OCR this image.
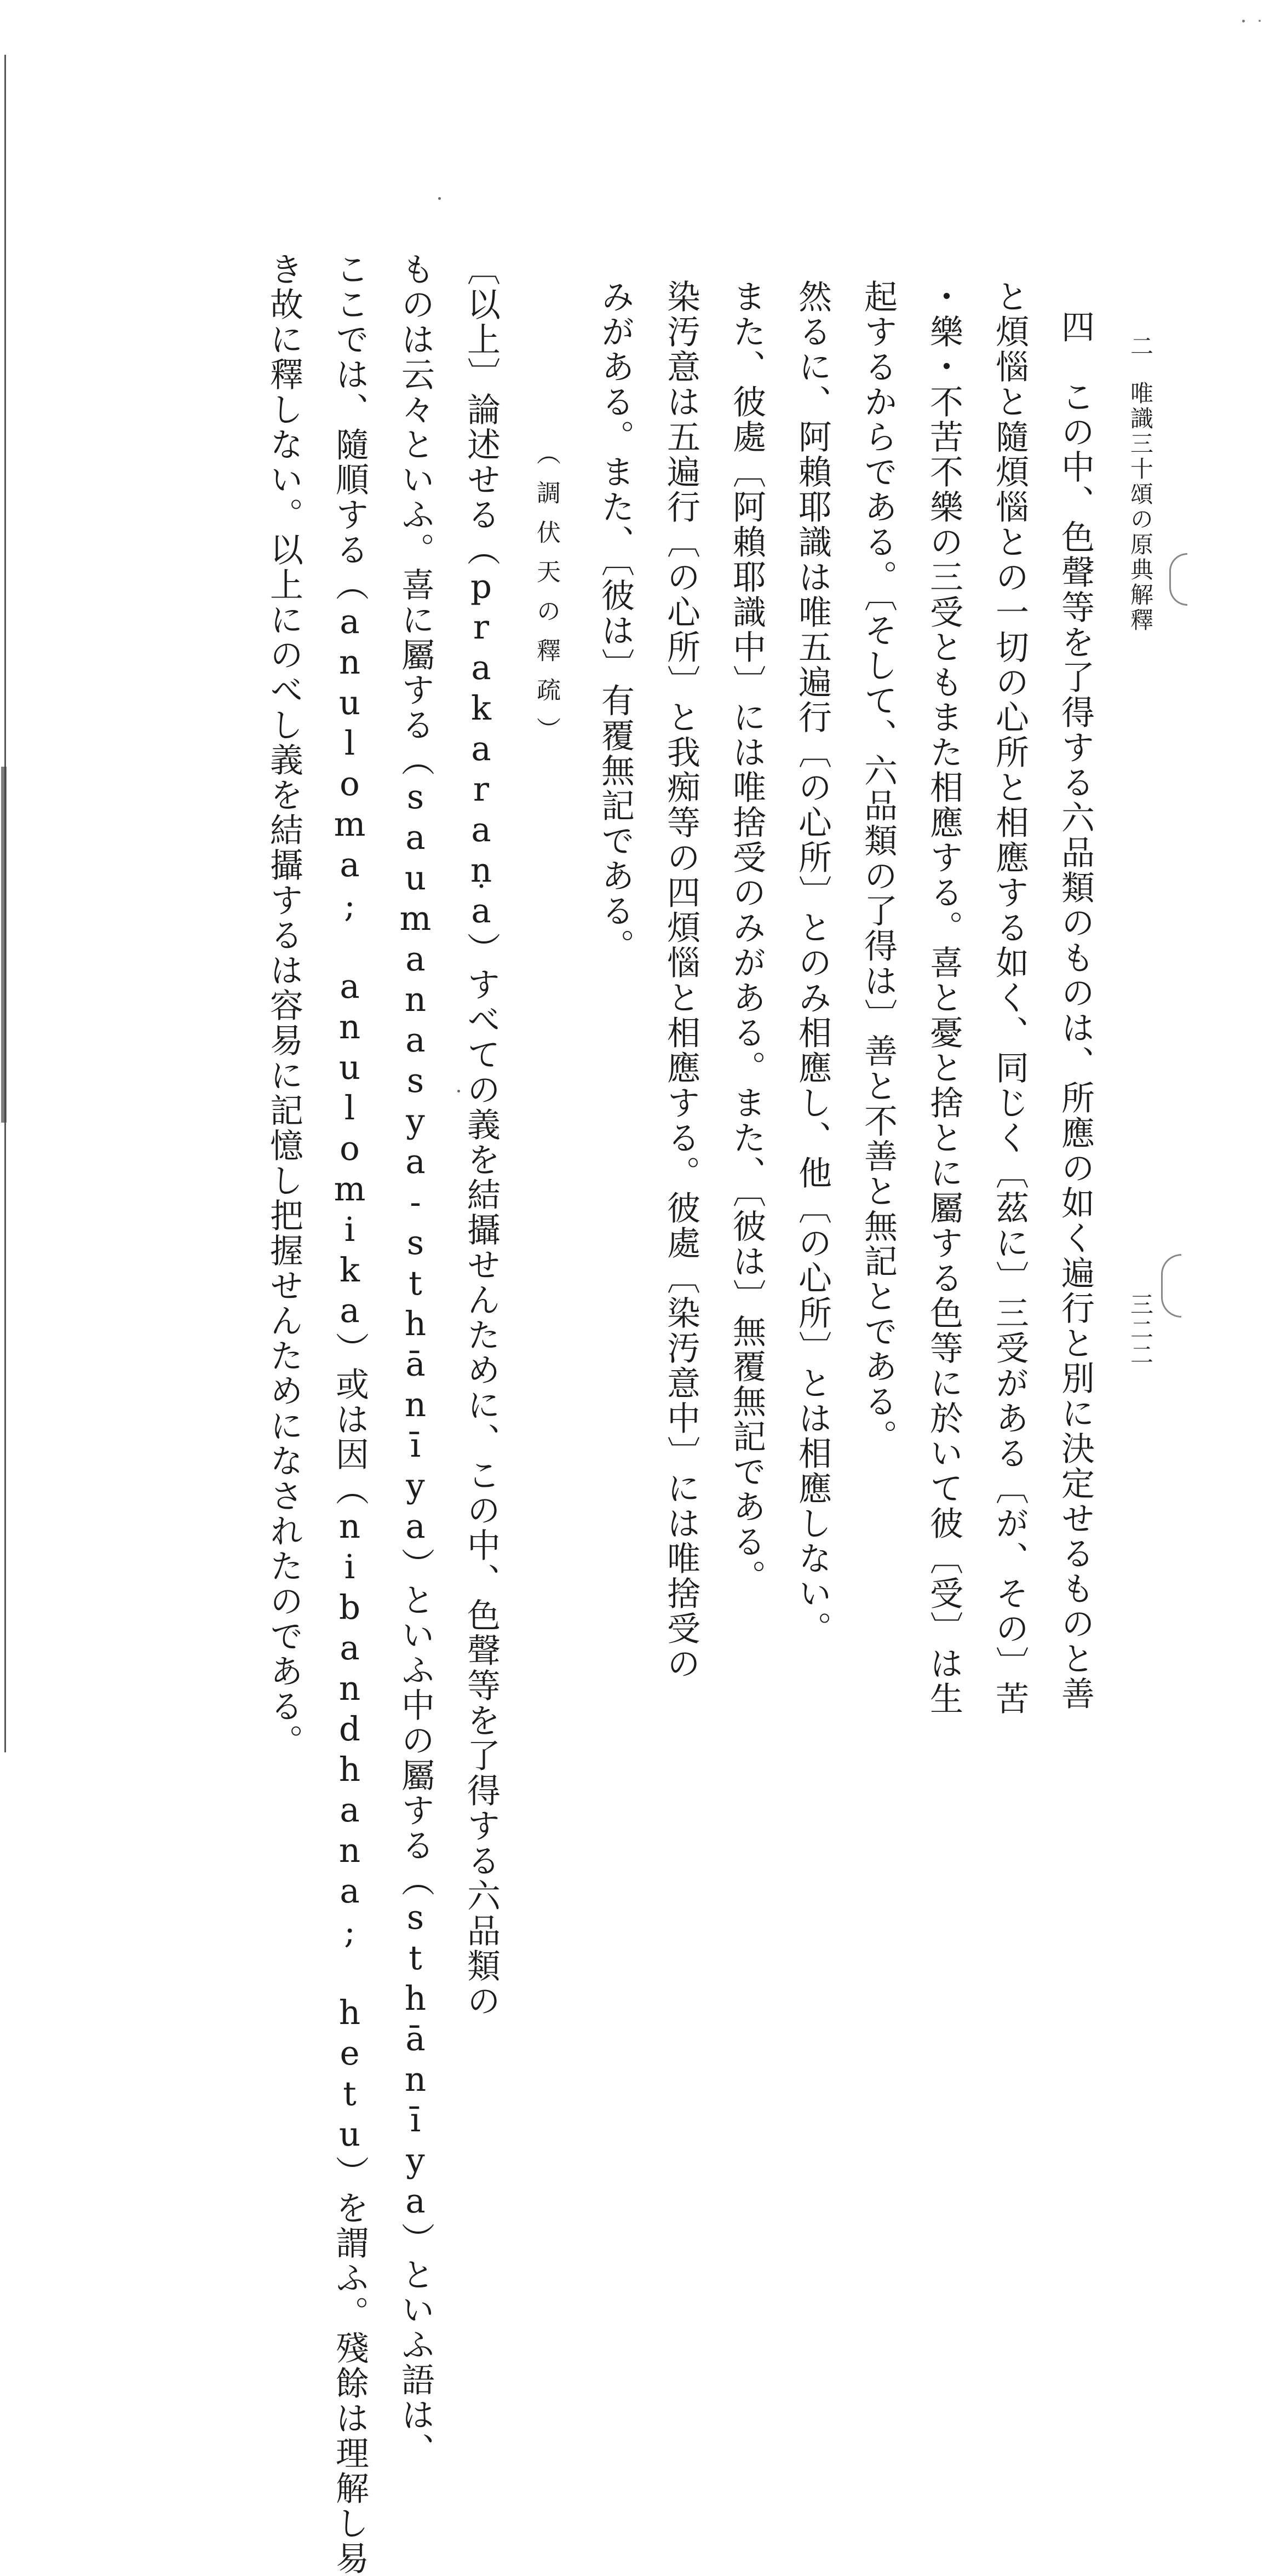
二唯識三十頌の原典解釋
三二二
四　この中、色聲等を了得する六品類のものは、所應の如く遍行と別に決定せるものと善
と煩惱と隨煩惱との一切の心所と相應する如く、同じく〔茲に〕三受がある〔が、その〕苦
・樂・不苦不樂の三受ともまた相應する。喜と憂と捨とに屬する色等に於いて彼〔受〕は生
起するからである。〔そして、六品類の了得は〕善と不善と無記とである。
然るに、阿賴耶識は唯五遍行〔の心所〕とのみ相應し、他〔の心所〕とは相應しない。
また、彼處〔阿賴耶識中〕には唯捨受のみがある。また、〔彼は〕無覆無記である。
染汚意は五遍行〔の心所〕と我痴等の四煩惱と相應する。彼處〔染汚意中〕には唯捨受の
みがある。また、〔彼は〕有覆無記である。
（調伏天の釋疏）
〔以上〕論述せる（prakaraṇa）すべての義を結攝せんために、この中、色聲等を了得する六品類の
ものは云々といふ。喜に屬する（saumanasya-sthānīya）といふ中の屬する（sthānīya）といふ語は、
ここでは、隨順する（anuloma; anulomika）或は因（nibandhana; hetu）を謂ふ。殘餘は理解し易
き故に釋しない。以上にのべし義を結攝するは容易に記憶し把握せんためになされたのである。
